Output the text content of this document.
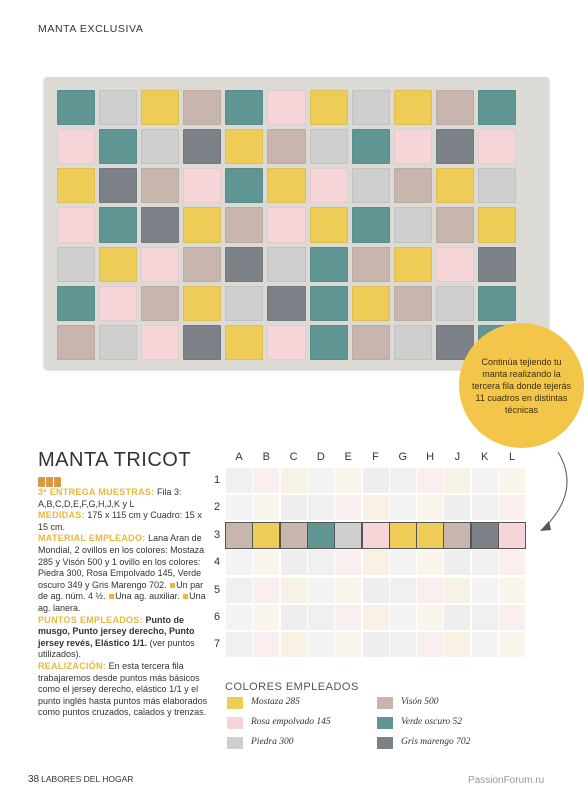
MANTA EXCLUSIVA
Continúa tejiendo tu manta realizando la tercera fila donde tejerás 11 cuadros en distintas técnicas
MANTA TRICOT

3ª ENTREGA MUESTRAS: Fila 3: A,B,C,D,E,F,G,H,J,K y L

MEDIDAS: 175 x 115 cm y Cuadro: 15 x 15 cm.

MATERIAL EMPLEADO: Lana Aran de Mondial, 2 ovillos en los colores: Mostaza 285 y Visón 500 y 1 ovillo en los colores: Piedra 300, Rosa Empolvado 145, Verde oscuro 349 y Gris Marengo 702. Un par de ag. núm. 4 ½. Una ag. auxiliar. Una ag. lanera.

PUNTOS EMPLEADOS: Punto de musgo, Punto jersey derecho, Punto jersey revés, Elástico 1/1. (ver puntos utilizados).

REALIZACIÓN: En esta tercera fila trabajaremos desde puntos más básicos como el jersey derecho, elástico 1/1 y el punto inglés hasta puntos más elaborados como puntos cruzados, calados y trenzas.

A	B	C	D	E	F	G	H	J	K	L
1
2
3
4
5
6
7
COLORES EMPLEADOS
Mostaza 285
Rosa empolvado 145
Piedra 300
Visón 500
Verde oscuro 52
Gris marengo 702
38 LABORES DEL HOGAR	PassionForum.ru
